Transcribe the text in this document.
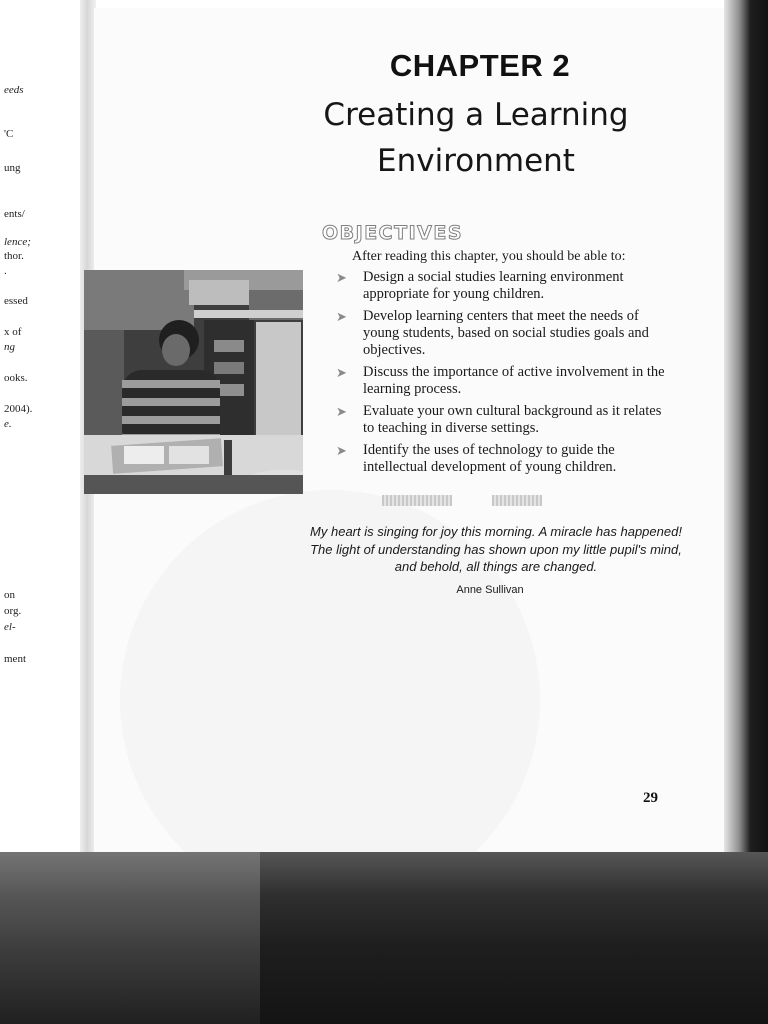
eeds
'C
ung
ents/
lence;
thor.
.
essed
x of
ng
ooks.
2004).
e.
on
org.
el-
ment
CHAPTER 2
Creating a Learning
Environment
OBJECTIVES
After reading this chapter, you should be able to:
➤ Design a social studies learning environment appropriate for young children.
➤ Develop learning centers that meet the needs of young students, based on social studies goals and objectives.
➤ Discuss the importance of active involvement in the learning process.
➤ Evaluate your own cultural background as it relates to teaching in diverse settings.
➤ Identify the uses of technology to guide the intellectual development of young children.

My heart is singing for joy this morning. A miracle has happened! The light of understanding has shown upon my little pupil's mind, and behold, all things are changed.

Anne Sullivan
29
